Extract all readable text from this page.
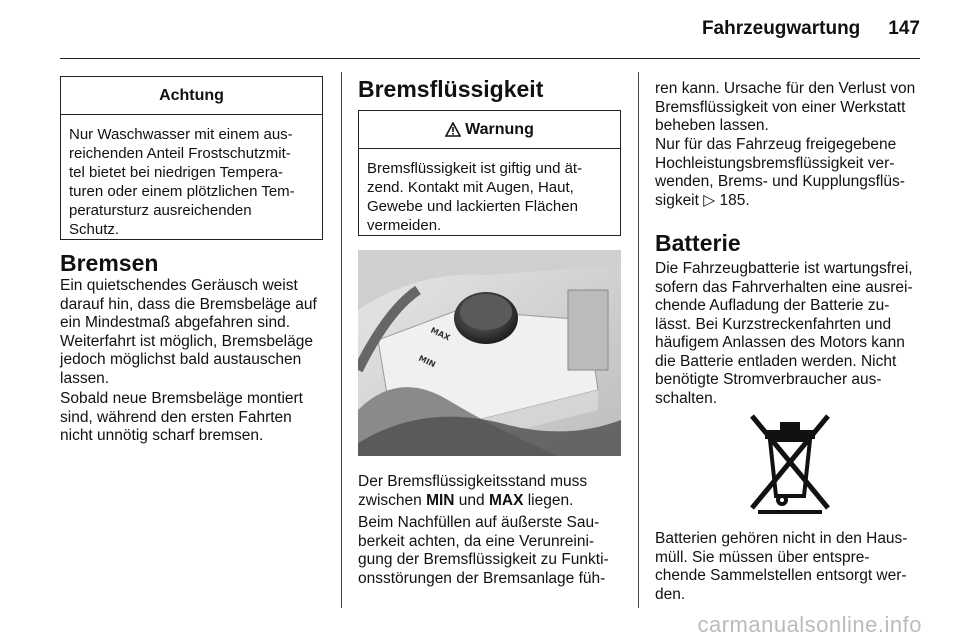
Fahrzeugwartung 147
Achtung
Nur Waschwasser mit einem aus-
reichenden Anteil Frostschutzmit-
tel bietet bei niedrigen Tempera-
turen oder einem plötzlichen Tem-
peratursturz ausreichenden
Schutz.
Bremsen
Ein quietschendes Geräusch weist
darauf hin, dass die Bremsbeläge auf
ein Mindestmaß abgefahren sind.
Weiterfahrt ist möglich, Bremsbeläge
jedoch möglichst bald austauschen
lassen.
Sobald neue Bremsbeläge montiert
sind, während den ersten Fahrten
nicht unnötig scharf bremsen.
Bremsflüssigkeit
Warnung
Bremsflüssigkeit ist giftig und ät-
zend. Kontakt mit Augen, Haut,
Gewebe und lackierten Flächen
vermeiden.
MAX
MIN
Der Bremsflüssigkeitsstand muss
zwischen MIN und MAX liegen.
Beim Nachfüllen auf äußerste Sau-
berkeit achten, da eine Verunreini-
gung der Bremsflüssigkeit zu Funkti-
onsstörungen der Bremsanlage füh-
ren kann. Ursache für den Verlust von
Bremsflüssigkeit von einer Werkstatt
beheben lassen.
Nur für das Fahrzeug freigegebene
Hochleistungsbremsflüssigkeit ver-
wenden, Brems- und Kupplungsflüs-
sigkeit ▷ 185.
Batterie
Die Fahrzeugbatterie ist wartungsfrei,
sofern das Fahrverhalten eine ausrei-
chende Aufladung der Batterie zu-
lässt. Bei Kurzstreckenfahrten und
häufigem Anlassen des Motors kann
die Batterie entladen werden. Nicht
benötigte Stromverbraucher aus-
schalten.
Batterien gehören nicht in den Haus-
müll. Sie müssen über entspre-
chende Sammelstellen entsorgt wer-
den.
carmanualsonline.info
